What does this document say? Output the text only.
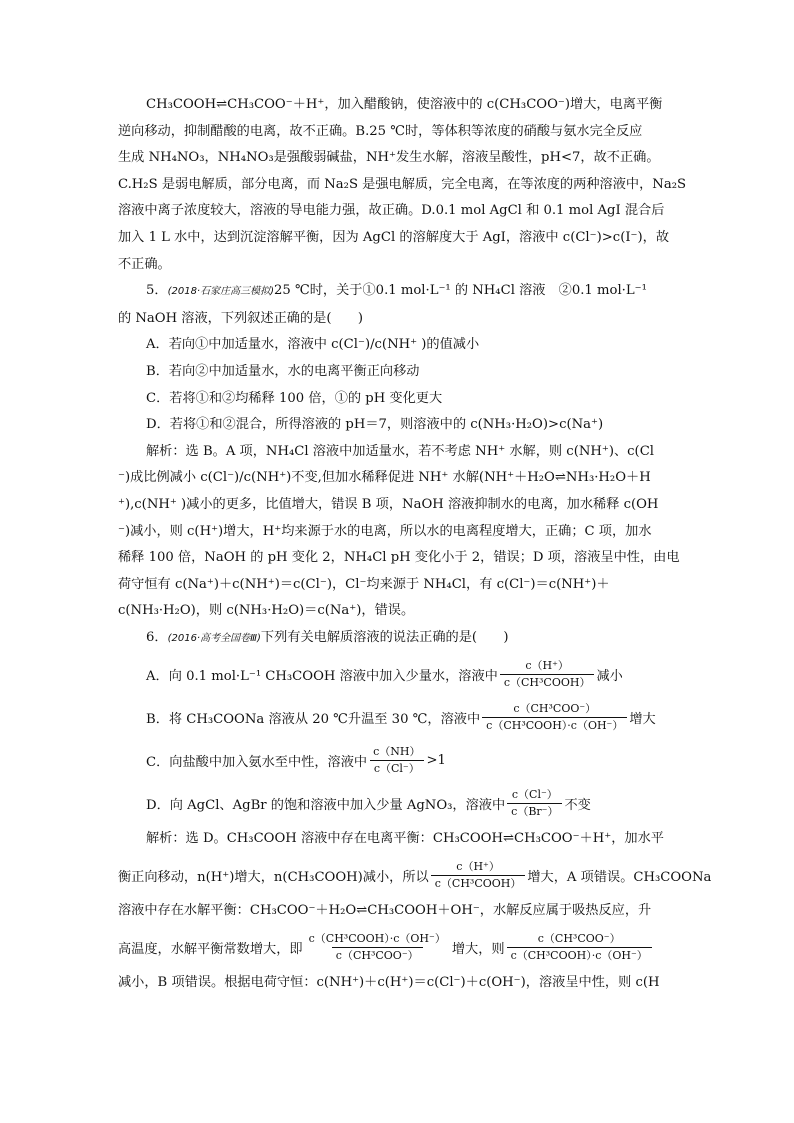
CH₃COOH⇌CH₃COO⁻＋H⁺，加入醋酸钠，使溶液中的 c(CH₃COO⁻)增大，电离平衡

逆向移动，抑制醋酸的电离，故不正确。B.25 ℃时，等体积等浓度的硝酸与氨水完全反应

生成 NH₄NO₃，NH₄NO₃是强酸弱碱盐，NH⁺发生水解，溶液呈酸性，pH<7，故不正确。

C.H₂S 是弱电解质，部分电离，而 Na₂S 是强电解质，完全电离，在等浓度的两种溶液中，Na₂S

溶液中离子浓度较大，溶液的导电能力强，故正确。D.0.1 mol AgCl 和 0.1 mol AgI 混合后

加入 1 L 水中，达到沉淀溶解平衡，因为 AgCl 的溶解度大于 AgI，溶液中 c(Cl⁻)>c(I⁻)，故

不正确。

5．(2018·石家庄高三模拟)25 ℃时，关于①0.1 mol·L⁻¹ 的 NH₄Cl 溶液　②0.1 mol·L⁻¹

的 NaOH 溶液，下列叙述正确的是(　　)

A．若向①中加适量水，溶液中 c(Cl⁻)/c(NH⁺ )的值减小

B．若向②中加适量水，水的电离平衡正向移动

C．若将①和②均稀释 100 倍，①的 pH 变化更大

D．若将①和②混合，所得溶液的 pH＝7，则溶液中的 c(NH₃·H₂O)>c(Na⁺)

解析：选 B。A 项，NH₄Cl 溶液中加适量水，若不考虑 NH⁺ 水解，则 c(NH⁺)、c(Cl

⁻)成比例减小 c(Cl⁻)/c(NH⁺)不变,但加水稀释促进 NH⁺ 水解(NH⁺＋H₂O⇌NH₃·H₂O＋H

⁺),c(NH⁺ )减小的更多，比值增大，错误 B 项，NaOH 溶液抑制水的电离，加水稀释 c(OH

⁻)减小，则 c(H⁺)增大，H⁺均来源于水的电离，所以水的电离程度增大，正确；C 项，加水

稀释 100 倍，NaOH 的 pH 变化 2，NH₄Cl pH 变化小于 2，错误；D 项，溶液呈中性，由电

荷守恒有 c(Na⁺)＋c(NH⁺)＝c(Cl⁻)，Cl⁻均来源于 NH₄Cl，有 c(Cl⁻)＝c(NH⁺)＋

c(NH₃·H₂O)，则 c(NH₃·H₂O)＝c(Na⁺)，错误。

6．(2016·高考全国卷Ⅲ)下列有关电解质溶液的说法正确的是(　　)

A．向 0.1 mol·L⁻¹ CH₃COOH 溶液中加入少量水，溶液中 $\frac{c(H^+)}{\text{c（CH³COOH）}}$ 减小
B．将 CH₃COONa 溶液从 20 ℃升温至 30 ℃，溶液中 $\frac{\text{c（CH³COO⁻）}}{\text{c（CH³COOH）·c（OH⁻）}}$ 增大
C．向盐酸中加入氨水至中性，溶液中 $\frac{c(NH)}{c(Cl^-)} >1$
D．向 AgCl、AgBr 的饱和溶液中加入少量 AgNO₃，溶液中 $\frac{c(Cl^-)}{c(Br^-)}$ 不变

解析：选 D。CH₃COOH 溶液中存在电离平衡：CH₃COOH⇌CH₃COO⁻＋H⁺，加水平

衡正向移动，n(H⁺)增大，n(CH₃COOH)减小，所以 $\frac{c(H^+)}{\text{c（CH³COOH）}}$ 增大，A 项错误。CH₃COONa

溶液中存在水解平衡：CH₃COO⁻＋H₂O⇌CH₃COOH＋OH⁻，水解反应属于吸热反应，升

高温度，水解平衡常数增大，即 $\frac{\text{c（CH³COOH）·c（OH⁻）}}{\text{c（CH³COO⁻）}}$ 增大，则 $\frac{\text{c（CH³COO⁻）}}{\text{c（CH³COOH）·c（OH⁻）}}$

减小，B 项错误。根据电荷守恒：c(NH⁺)＋c(H⁺)＝c(Cl⁻)＋c(OH⁻)，溶液呈中性，则 c(H
